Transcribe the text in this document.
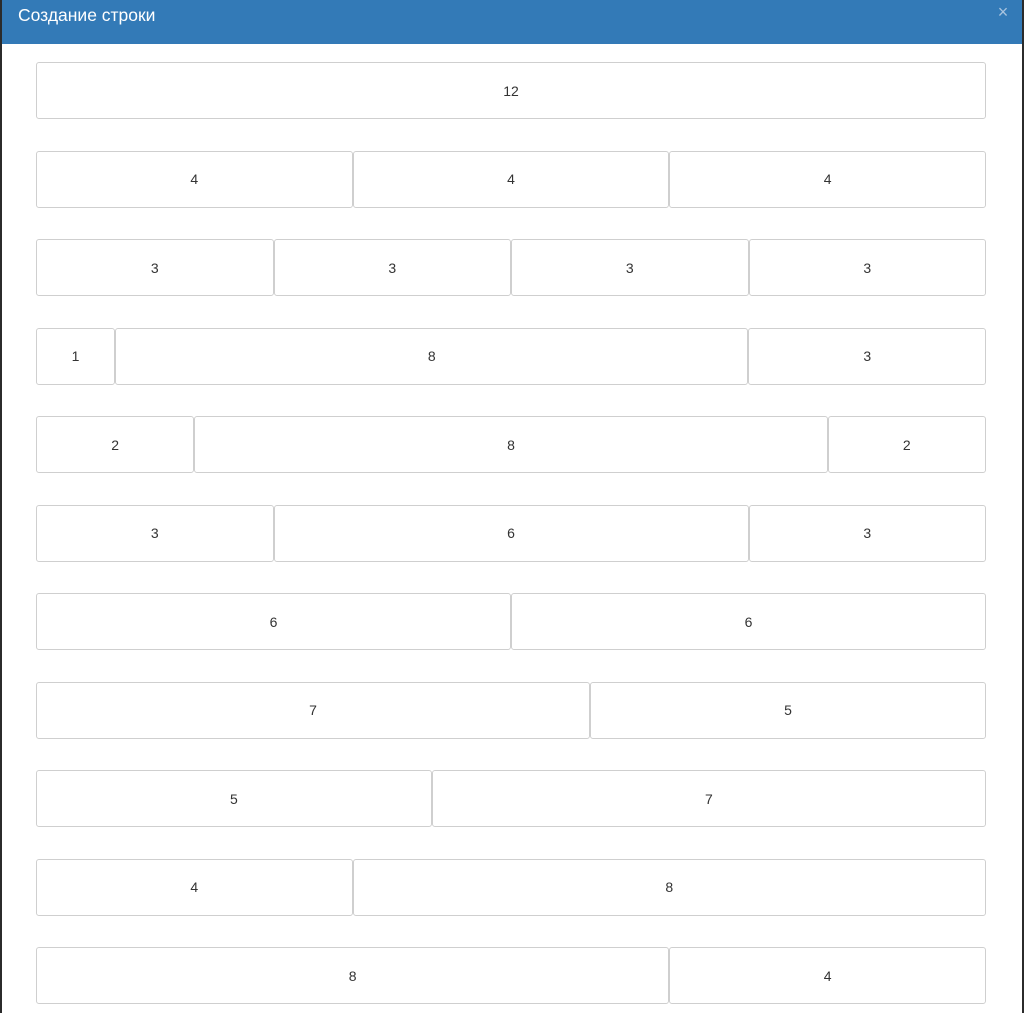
Создание строки	×
12
4	4	4
3	3	3	3
1	8	3
2	8	2
3	6	3
6	6
7	5
5	7
4	8
8	4
